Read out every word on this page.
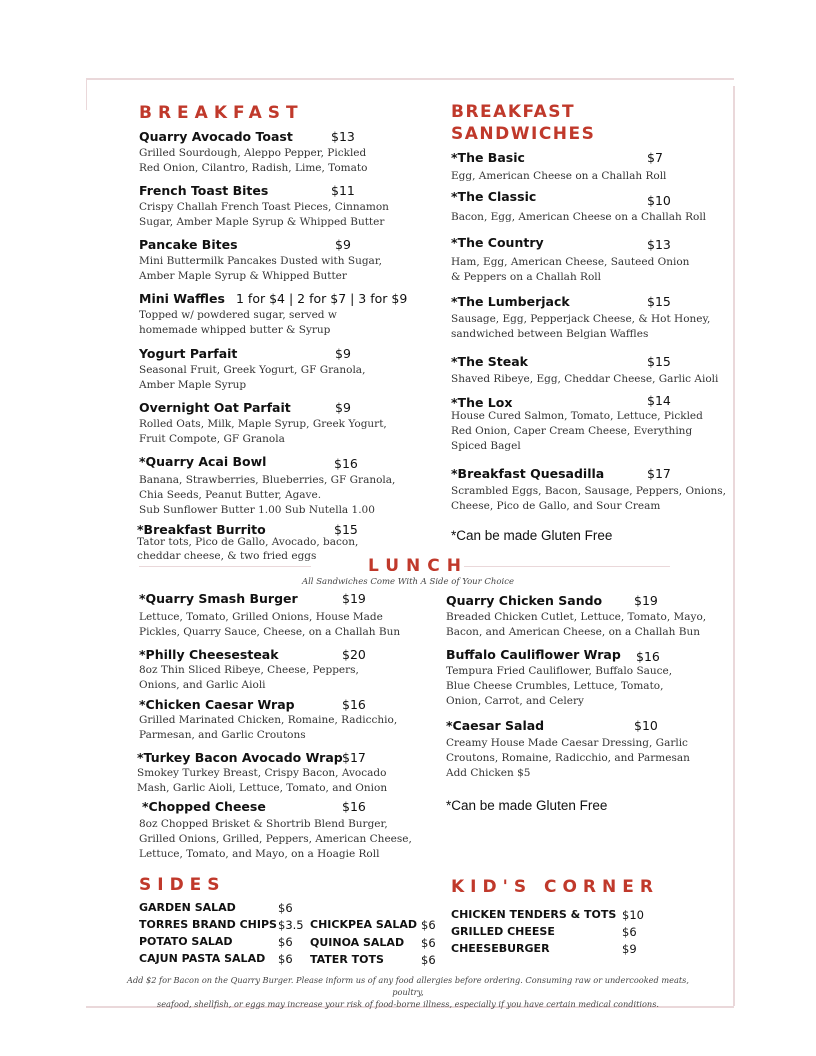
BREAKFAST
Quarry Avocado Toast	$13
Grilled Sourdough, Aleppo Pepper, Pickled
Red Onion, Cilantro, Radish, Lime, Tomato
French Toast Bites	$11
Crispy Challah French Toast Pieces, Cinnamon
Sugar, Amber Maple Syrup & Whipped Butter
Pancake Bites	$9
Mini Buttermilk Pancakes Dusted with Sugar,
Amber Maple Syrup & Whipped Butter
Mini Waffles 1 for $4 | 2 for $7 | 3 for $9
Topped w/ powdered sugar, served w
homemade whipped butter & Syrup
Yogurt Parfait	$9
Seasonal Fruit, Greek Yogurt, GF Granola,
Amber Maple Syrup
Overnight Oat Parfait	$9
Rolled Oats, Milk, Maple Syrup, Greek Yogurt,
Fruit Compote, GF Granola
*Quarry Acai Bowl	$16
Banana, Strawberries, Blueberries, GF Granola,
Chia Seeds, Peanut Butter, Agave.
Sub Sunflower Butter 1.00 Sub Nutella 1.00
*Breakfast Burrito	$15
Tator tots, Pico de Gallo, Avocado, bacon,
cheddar cheese, & two fried eggs
BREAKFAST
SANDWICHES
*The Basic	$7
Egg, American Cheese on a Challah Roll
*The Classic	$10
Bacon, Egg, American Cheese on a Challah Roll
*The Country	$13
Ham, Egg, American Cheese, Sauteed Onion
& Peppers on a Challah Roll
*The Lumberjack	$15
Sausage, Egg, Pepperjack Cheese, & Hot Honey,
sandwiched between Belgian Waffles
*The Steak	$15
Shaved Ribeye, Egg, Cheddar Cheese, Garlic Aioli
*The Lox	$14
House Cured Salmon, Tomato, Lettuce, Pickled
Red Onion, Caper Cream Cheese, Everything
Spiced Bagel
*Breakfast Quesadilla	$17
Scrambled Eggs, Bacon, Sausage, Peppers, Onions,
Cheese, Pico de Gallo, and Sour Cream
*Can be made Gluten Free
LUNCH
All Sandwiches Come With A Side of Your Choice
*Quarry Smash Burger	$19
Lettuce, Tomato, Grilled Onions, House Made
Pickles, Quarry Sauce, Cheese, on a Challah Bun
*Philly Cheesesteak	$20
8oz Thin Sliced Ribeye, Cheese, Peppers,
Onions, and Garlic Aioli
*Chicken Caesar Wrap	$16
Grilled Marinated Chicken, Romaine, Radicchio,
Parmesan, and Garlic Croutons
*Turkey Bacon Avocado Wrap $17
Smokey Turkey Breast, Crispy Bacon, Avocado
Mash, Garlic Aioli, Lettuce, Tomato, and Onion
*Chopped Cheese	$16
8oz Chopped Brisket & Shortrib Blend Burger,
Grilled Onions, Grilled, Peppers, American Cheese,
Lettuce, Tomato, and Mayo, on a Hoagie Roll
Quarry Chicken Sando	$19
Breaded Chicken Cutlet, Lettuce, Tomato, Mayo,
Bacon, and American Cheese, on a Challah Bun
Buffalo Cauliflower Wrap $16
Tempura Fried Cauliflower, Buffalo Sauce,
Blue Cheese Crumbles, Lettuce, Tomato,
Onion, Carrot, and Celery
*Caesar Salad	$10
Creamy House Made Caesar Dressing, Garlic
Croutons, Romaine, Radicchio, and Parmesan
Add Chicken $5
*Can be made Gluten Free
SIDES
GARDEN SALAD	$6
TORRES BRAND CHIPS $3.5
POTATO SALAD	$6
CAJUN PASTA SALAD $6
CHICKPEA SALAD $6
QUINOA SALAD $6
TATER TOTS	$6
KID'S CORNER
CHICKEN TENDERS & TOTS $10
GRILLED CHEESE	$6
CHEESEBURGER	$9
Add $2 for Bacon on the Quarry Burger. Please inform us of any food allergies before ordering. Consuming raw or undercooked meats, poultry,
seafood, shellfish, or eggs may increase your risk of food-borne illness, especially if you have certain medical conditions.
